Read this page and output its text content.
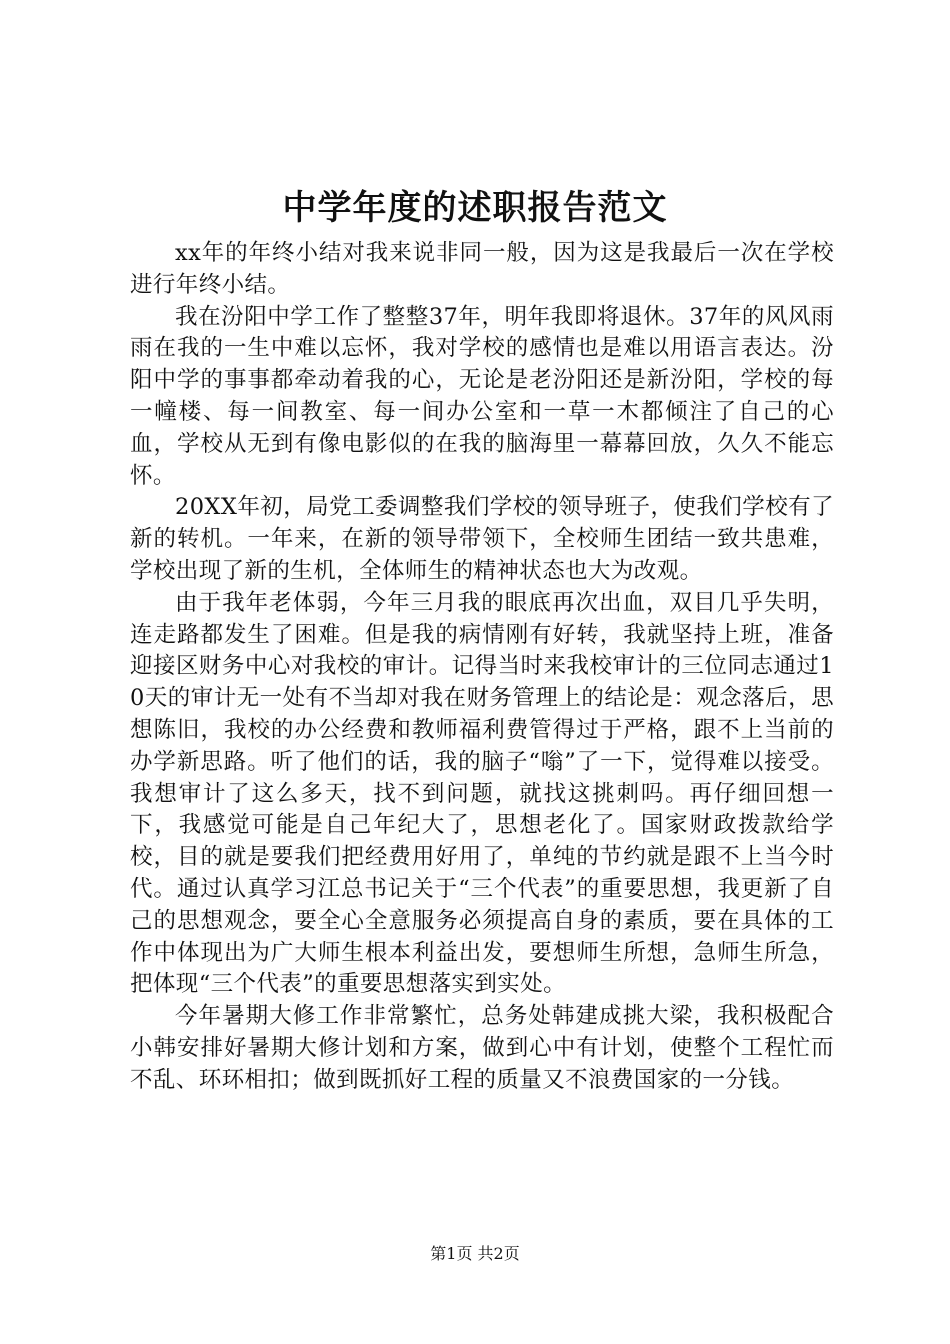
中学年度的述职报告范文

xx年的年终小结对我来说非同一般，因为这是我最后一次在学校进行年终小结。

我在汾阳中学工作了整整37年，明年我即将退休。37年的风风雨雨在我的一生中难以忘怀，我对学校的感情也是难以用语言表达。汾阳中学的事事都牵动着我的心，无论是老汾阳还是新汾阳，学校的每一幢楼、每一间教室、每一间办公室和一草一木都倾注了自己的心血，学校从无到有像电影似的在我的脑海里一幕幕回放，久久不能忘怀。

20XX年初，局党工委调整我们学校的领导班子，使我们学校有了新的转机。一年来，在新的领导带领下，全校师生团结一致共患难，学校出现了新的生机，全体师生的精神状态也大为改观。

由于我年老体弱，今年三月我的眼底再次出血，双目几乎失明，连走路都发生了困难。但是我的病情刚有好转，我就坚持上班，准备迎接区财务中心对我校的审计。记得当时来我校审计的三位同志通过10天的审计无一处有不当却对我在财务管理上的结论是：观念落后，思想陈旧，我校的办公经费和教师福利费管得过于严格，跟不上当前的办学新思路。听了他们的话，我的脑子“嗡”了一下，觉得难以接受。我想审计了这么多天，找不到问题，就找这挑刺吗。再仔细回想一下，我感觉可能是自己年纪大了，思想老化了。国家财政拨款给学校，目的就是要我们把经费用好用了，单纯的节约就是跟不上当今时代。通过认真学习江总书记关于“三个代表”的重要思想，我更新了自己的思想观念，要全心全意服务必须提高自身的素质，要在具体的工作中体现出为广大师生根本利益出发，要想师生所想，急师生所急，把体现“三个代表”的重要思想落实到实处。

今年暑期大修工作非常繁忙，总务处韩建成挑大梁，我积极配合小韩安排好暑期大修计划和方案，做到心中有计划，使整个工程忙而不乱、环环相扣；做到既抓好工程的质量又不浪费国家的一分钱。

第1页 共2页
